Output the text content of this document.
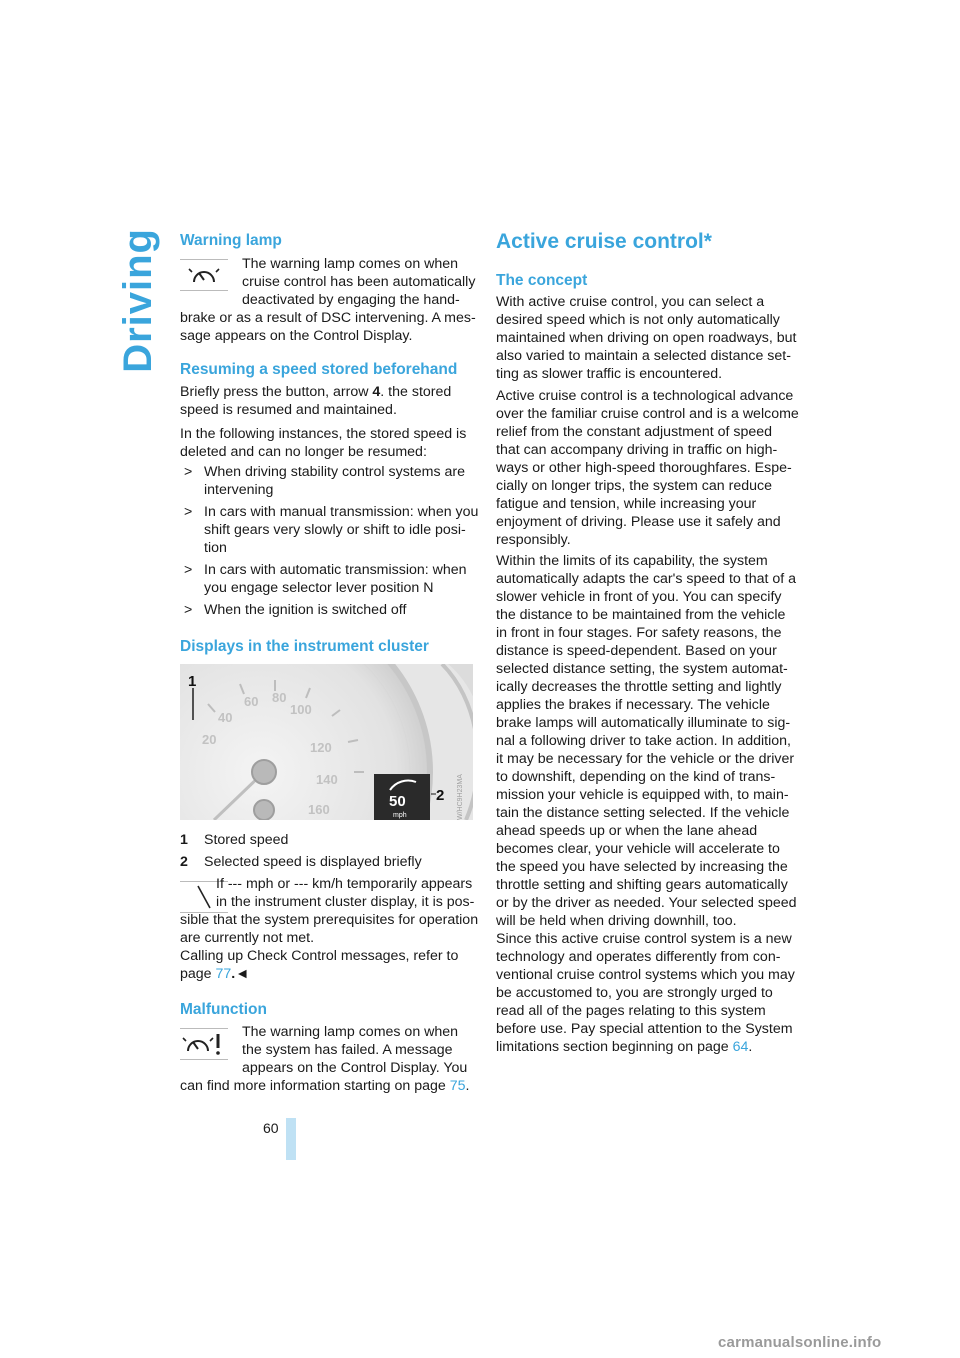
Driving Warning lamp
The warning lamp comes on when
cruise control has been automatically
deactivated by engaging the hand-
brake or as a result of DSC intervening. A mes-
sage appears on the Control Display.
Resuming a speed stored beforehand
Briefly press the button, arrow 4. the stored
speed is resumed and maintained.
In the following instances, the stored speed is
deleted and can no longer be resumed:
> When driving stability control systems are
intervening
> In cars with manual transmission: when you
shift gears very slowly or shift to idle posi-
tion
> In cars with automatic transmission: when
you engage selector lever position N
> When the ignition is switched off
Displays in the instrument cluster
40
60 80
100
120
140
160
20
50
mph
2
1
W/HC9H23MA
1 Stored speed
2 Selected speed is displayed briefly
If --- mph or --- km/h temporarily appears
in the instrument cluster display, it is pos-
sible that the system prerequisites for operation
are currently not met.
Calling up Check Control messages, refer to
page 77.◄
Malfunction
The warning lamp comes on when
the system has failed. A message
appears on the Control Display. You
can find more information starting on page 75.
Active cruise control*
The concept
With active cruise control, you can select a
desired speed which is not only automatically
maintained when driving on open roadways, but
also varied to maintain a selected distance set-
ting as slower traffic is encountered.
Active cruise control is a technological advance
over the familiar cruise control and is a welcome
relief from the constant adjustment of speed
that can accompany driving in traffic on high-
ways or other high-speed thoroughfares. Espe-
cially on longer trips, the system can reduce
fatigue and tension, while increasing your
enjoyment of driving. Please use it safely and
responsibly.
Within the limits of its capability, the system
automatically adapts the car's speed to that of a
slower vehicle in front of you. You can specify
the distance to be maintained from the vehicle
in front in four stages. For safety reasons, the
distance is speed-dependent. Based on your
selected distance setting, the system automat-
ically decreases the throttle setting and lightly
applies the brakes if necessary. The vehicle
brake lamps will automatically illuminate to sig-
nal a following driver to take action. In addition,
it may be necessary for the vehicle or the driver
to downshift, depending on the kind of trans-
mission your vehicle is equipped with, to main-
tain the distance setting selected. If the vehicle
ahead speeds up or when the lane ahead
becomes clear, your vehicle will accelerate to
the speed you have selected by increasing the
throttle setting and shifting gears automatically
or by the driver as needed. Your selected speed
will be held when driving downhill, too.
Since this active cruise control system is a new
technology and operates differently from con-
ventional cruise control systems which you may
be accustomed to, you are strongly urged to
read all of the pages relating to this system
before use. Pay special attention to the System
limitations section beginning on page 64.
60
carmanualsonline.info
